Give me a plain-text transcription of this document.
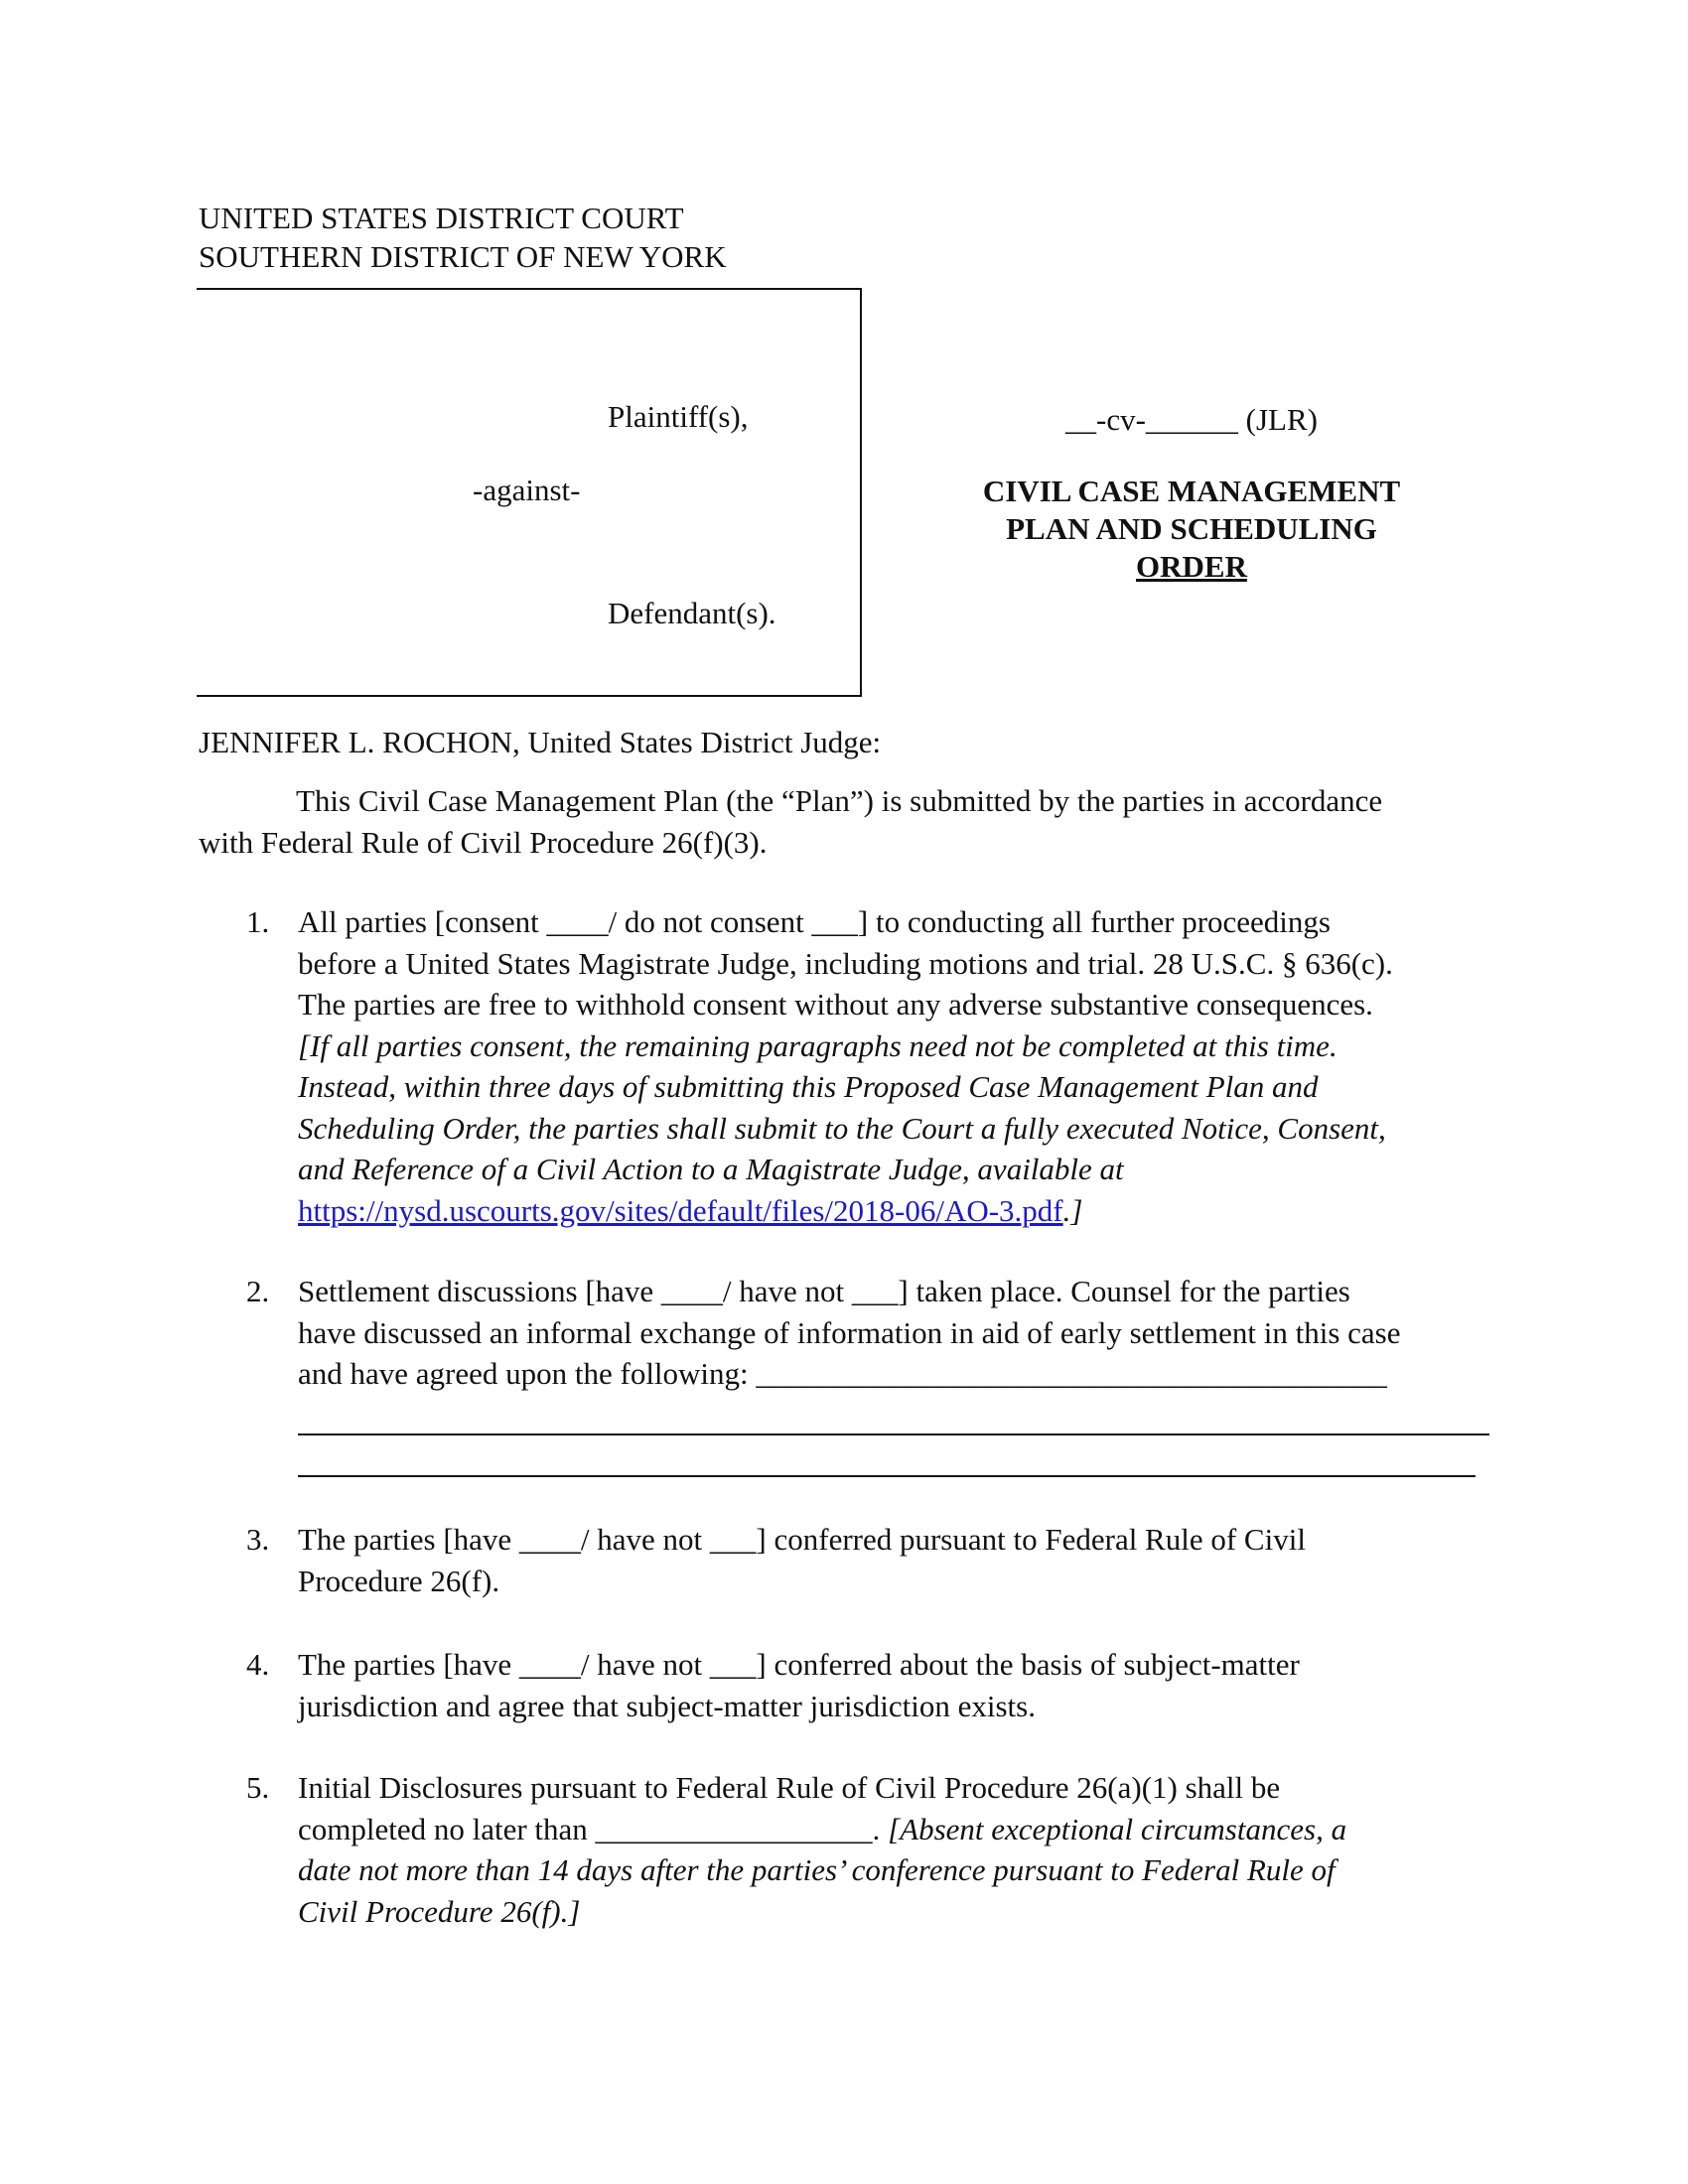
UNITED STATES DISTRICT COURT
SOUTHERN DISTRICT OF NEW YORK
Plaintiff(s),
-against-
Defendant(s).
__-cv-______ (JLR)
CIVIL CASE MANAGEMENT
PLAN AND SCHEDULING
ORDER
JENNIFER L. ROCHON, United States District Judge:
This Civil Case Management Plan (the “Plan”) is submitted by the parties in accordance
with Federal Rule of Civil Procedure 26(f)(3).
1. All parties [consent ____/ do not consent ___] to conducting all further proceedings
before a United States Magistrate Judge, including motions and trial. 28 U.S.C. § 636(c).
The parties are free to withhold consent without any adverse substantive consequences.
[If all parties consent, the remaining paragraphs need not be completed at this time.
Instead, within three days of submitting this Proposed Case Management Plan and
Scheduling Order, the parties shall submit to the Court a fully executed Notice, Consent,
and Reference of a Civil Action to a Magistrate Judge, available at
https://nysd.uscourts.gov/sites/default/files/2018-06/AO-3.pdf.]
2. Settlement discussions [have ____/ have not ___] taken place. Counsel for the parties
have discussed an informal exchange of information in aid of early settlement in this case
and have agreed upon the following: _________________________________________
3. The parties [have ____/ have not ___] conferred pursuant to Federal Rule of Civil
Procedure 26(f).
4. The parties [have ____/ have not ___] conferred about the basis of subject-matter
jurisdiction and agree that subject-matter jurisdiction exists.
5. Initial Disclosures pursuant to Federal Rule of Civil Procedure 26(a)(1) shall be
completed no later than __________________. [Absent exceptional circumstances, a
date not more than 14 days after the parties’ conference pursuant to Federal Rule of
Civil Procedure 26(f).]
